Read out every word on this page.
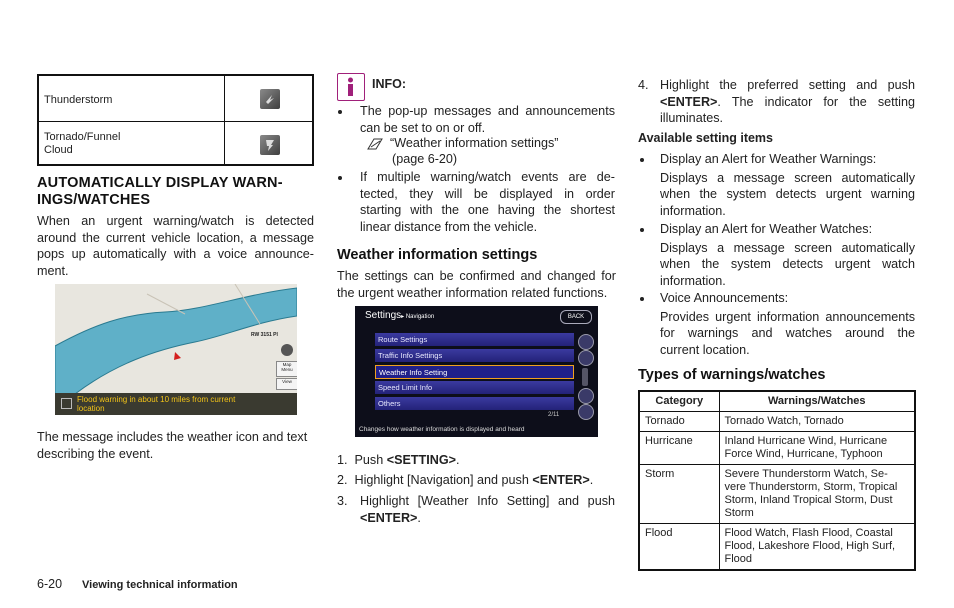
Thunderstorm
Tornado/Funnel
Cloud
AUTOMATICALLY DISPLAY WARN-
INGS/WATCHES
When an urgent warning/watch is detected
around the current vehicle location, a message
pops up automatically with a voice announce-
ment.
RW 3151 Pl
Map Menu
View
Flood warning in about 10 miles from current
location
The message includes the weather icon and text
describing the event.
6-20 Viewing technical information
INFO:
The pop-up messages and announcements
can be set to on or off.
“Weather information settings”
(page 6-20)
If multiple warning/watch events are de-
tected, they will be displayed in order
starting with the one having the shortest
linear distance from the vehicle.
Weather information settings
The settings can be confirmed and changed for
the urgent weather information related functions.
Settings▸ Navigation	BACK
Route Settings
Traffic Info Settings
Weather Info Setting
Speed Limit Info
Others
2/11
Changes how weather information is displayed and heard
1. Push <SETTING>.
2. Highlight [Navigation] and push <ENTER>.
3. Highlight [Weather Info Setting] and push
<ENTER>.
4. Highlight the preferred setting and push
<ENTER>. The indicator for the setting
illuminates.
Available setting items
Display an Alert for Weather Warnings:
Displays a message screen automatically
when the system detects urgent warning
information.
Display an Alert for Weather Watches:
Displays a message screen automatically
when the system detects urgent watch
information.
Voice Announcements:
Provides urgent information announcements
for warnings and watches around the
current location.
Types of warnings/watches
Category	Warnings/Watches
Tornado	Tornado Watch, Tornado
Hurricane	Inland Hurricane Wind, Hurricane Force Wind, Hurricane, Typhoon
Storm	Severe Thunderstorm Watch, Se- vere Thunderstorm, Storm, Tropical Storm, Inland Tropical Storm, Dust Storm
Flood	Flood Watch, Flash Flood, Coastal Flood, Lakeshore Flood, High Surf, Flood
